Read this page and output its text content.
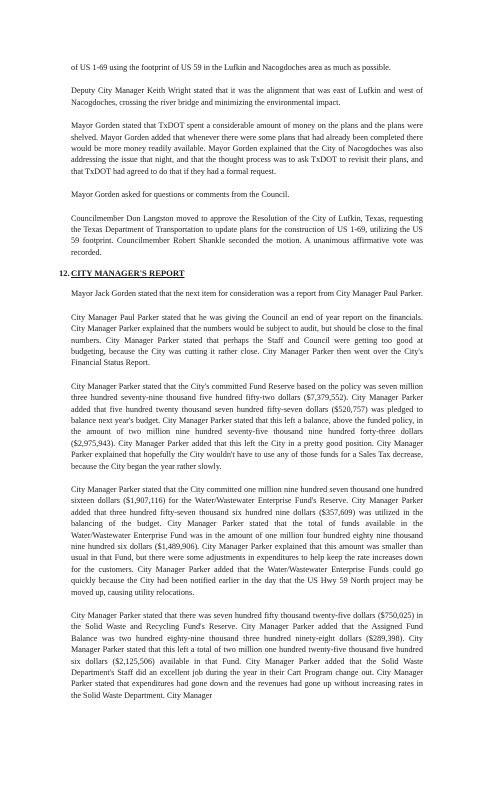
of US 1-69 using the footprint of US 59 in the Lufkin and Nacogdoches area as much as possible.

Deputy City Manager Keith Wright stated that it was the alignment that was east of Lufkin and west of Nacogdoches, crossing the river bridge and minimizing the environmental impact.

Mayor Gorden stated that TxDOT spent a considerable amount of money on the plans and the plans were shelved. Mayor Gorden added that whenever there were some plans that had already been completed there would be more money readily available. Mayor Gorden explained that the City of Nacogdoches was also addressing the issue that night, and that the thought process was to ask TxDOT to revisit their plans, and that TxDOT had agreed to do that if they had a formal request.

Mayor Gorden asked for questions or comments from the Council.

Councilmember Don Langston moved to approve the Resolution of the City of Lufkin, Texas, requesting the Texas Department of Transportation to update plans for the construction of US 1-69, utilizing the US 59 footprint. Councilmember Robert Shankle seconded the motion. A unanimous affirmative vote was recorded.

12.CITY MANAGER'S REPORT

Mayor Jack Gorden stated that the next item for consideration was a report from City Manager Paul Parker.

City Manager Paul Parker stated that he was giving the Council an end of year report on the financials. City Manager Parker explained that the numbers would be subject to audit, but should be close to the final numbers. City Manager Parker stated that perhaps the Staff and Council were getting too good at budgeting, because the City was cutting it rather close. City Manager Parker then went over the City's Financial Status Report.

City Manager Parker stated that the City's committed Fund Reserve based on the policy was seven million three hundred seventy-nine thousand five hundred fifty-two dollars ($7,379,552). City Manager Parker added that five hundred twenty thousand seven hundred fifty-seven dollars ($520,757) was pledged to balance next year's budget. City Manager Parker stated that this left a balance, above the funded policy, in the amount of two million nine hundred seventy-five thousand nine hundred forty-three dollars ($2,975,943). City Manager Parker added that this left the City in a pretty good position. City Manager Parker explained that hopefully the City wouldn't have to use any of those funds for a Sales Tax decrease, because the City began the year rather slowly.

City Manager Parker stated that the City committed one million nine hundred seven thousand one hundred sixteen dollars ($1,907,116) for the Water/Wastewater Enterprise Fund's Reserve. City Manager Parker added that three hundred fifty-seven thousand six hundred nine dollars ($357,609) was utilized in the balancing of the budget. City Manager Parker stated that the total of funds available in the Water/Wastewater Enterprise Fund was in the amount of one million four hundred eighty nine thousand nine hundred six dollars ($1,489,906). City Manager Parker explained that this amount was smaller than usual in that Fund, but there were some adjustments in expenditures to help keep the rate increases down for the customers. City Manager Parker added that the Water/Wastewater Enterprise Funds could go quickly because the City had been notified earlier in the day that the US Hwy 59 North project may be moved up, causing utility relocations.

City Manager Parker stated that there was seven hundred fifty thousand twenty-five dollars ($750,025) in the Solid Waste and Recycling Fund's Reserve. City Manager Parker added that the Assigned Fund Balance was two hundred eighty-nine thousand three hundred ninety-eight dollars ($289,398). City Manager Parker stated that this left a total of two million one hundred twenty-five thousand five hundred six dollars ($2,125,506) available in that Fund. City Manager Parker added that the Solid Waste Department's Staff did an excellent job during the year in their Cart Program change out. City Manager Parker stated that expenditures had gone down and the revenues had gone up without increasing rates in the Solid Waste Department. City Manager
